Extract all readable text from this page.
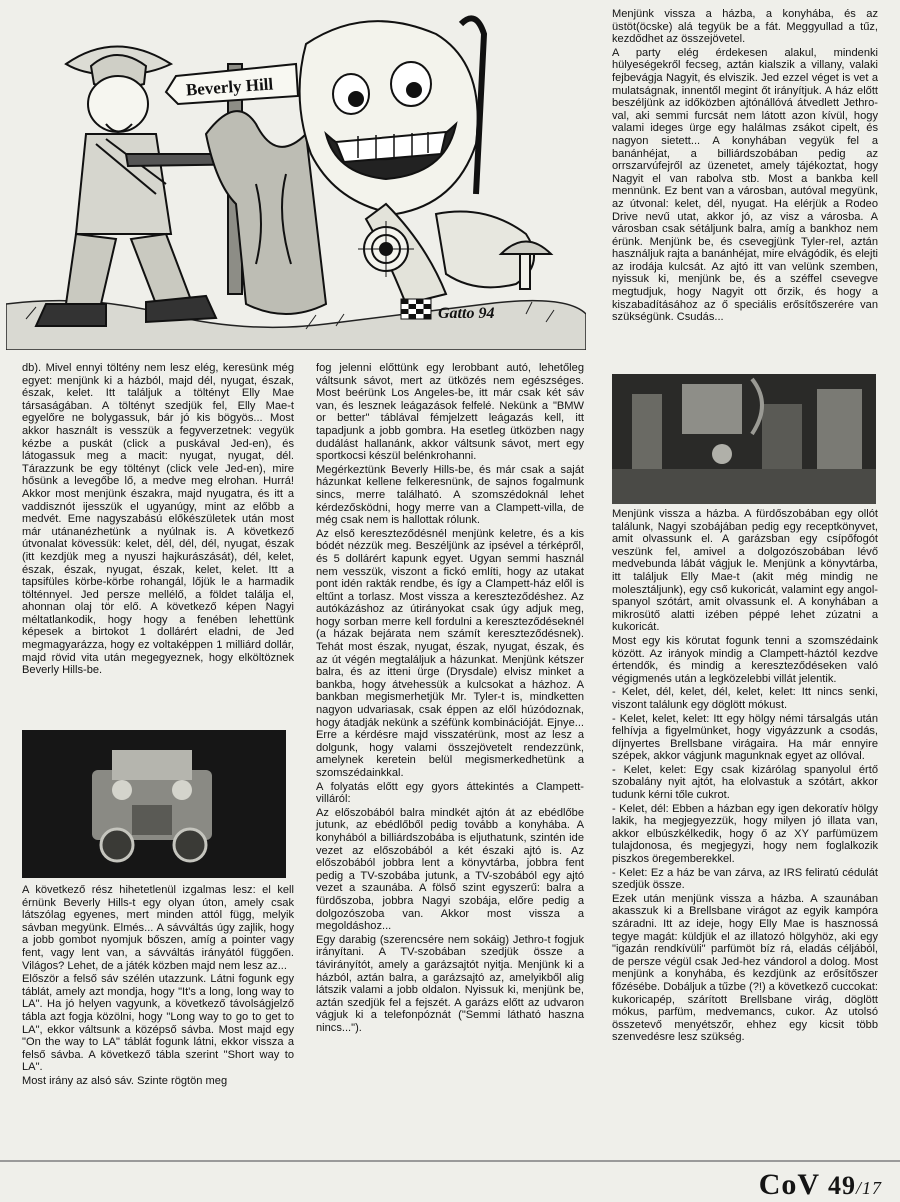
Beverly Hill
Gatto 94

db). Mivel ennyi töltény nem lesz elég, keresünk még egyet: menjünk ki a házból, majd dél, nyugat, észak, észak, kelet. Itt találjuk a töltényt Elly Mae társaságában. A töltényt szedjük fel, Elly Mae-t egyelőre ne bolygassuk, bár jó kis bögyös... Most akkor használt is vesszük a fegyverzetnek: vegyük kézbe a puskát (click a puskával Jed-en), és látogassuk meg a macit: nyugat, nyugat, dél. Tárazzunk be egy töltényt (click vele Jed-en), mire hősünk a levegőbe lő, a medve meg elrohan. Hurrá! Akkor most menjünk északra, majd nyugatra, és itt a vaddisznót ijesszük el ugyanúgy, mint az előbb a medvét. Eme nagyszabású előkészületek után most már utánanézhetünk a nyúlnak is. A következő útvonalat kövessük: kelet, dél, dél, dél, nyugat, észak (itt kezdjük meg a nyuszi hajkurászását), dél, kelet, észak, észak, nyugat, észak, kelet, kelet. Itt a tapsifüles körbe-körbe rohangál, lőjük le a harmadik tölténnyel. Jed persze mellélő, a földet találja el, ahonnan olaj tör elő. A következő képen Nagyi méltatlankodik, hogy hogy a fenében lehettünk képesek a birtokot 1 dollárért eladni, de Jed megmagyarázza, hogy ez voltaképpen 1 milliárd dollár, majd rövid vita után megegyeznek, hogy elköltöznek Beverly Hills-be.

A következő rész hihetetlenül izgalmas lesz: el kell érnünk Beverly Hills-t egy olyan úton, amely csak látszólag egyenes, mert minden attól függ, melyik sávban megyünk. Elmés... A sávváltás úgy zajlik, hogy a jobb gombot nyomjuk bőszen, amíg a pointer vagy fent, vagy lent van, a sávváltás irányától függően. Világos? Lehet, de a játék közben majd nem lesz az...

Először a felső sáv szélén utazzunk. Látni fogunk egy táblát, amely azt mondja, hogy "It's a long, long way to LA". Ha jó helyen vagyunk, a következő távolságjelző tábla azt fogja közölni, hogy "Long way to go to get to LA", ekkor váltsunk a középső sávba. Most majd egy "On the way to LA" táblát fogunk látni, ekkor vissza a felső sávba. A következő tábla szerint "Short way to LA".

Most irány az alsó sáv. Szinte rögtön meg

fog jelenni előttünk egy lerobbant autó, lehetőleg váltsunk sávot, mert az ütközés nem egészséges. Most beérünk Los Angeles-be, itt már csak két sáv van, és lesznek leágazások felfelé. Nekünk a "BMW or better" táblával fémjelzett leágazás kell, itt tapadjunk a jobb gombra. Ha esetleg ütközben nagy dudálást hallanánk, akkor váltsunk sávot, mert egy sportkocsi készül belénkrohanni.

Megérkeztünk Beverly Hills-be, és már csak a saját házunkat kellene felkeresnünk, de sajnos fogalmunk sincs, merre található. A szomszédoknál lehet kérdezősködni, hogy merre van a Clampett-villa, de még csak nem is hallottak rólunk.

Az első kereszteződésnél menjünk keletre, és a kis bódét nézzük meg. Beszéljünk az ipsével a térképről, és 5 dollárért kapunk egyet. Ugyan semmi használ nem vesszük, viszont a fickó említi, hogy az utakat pont idén rakták rendbe, és így a Clampett-ház elől is eltűnt a torlasz. Most vissza a kereszteződéshez. Az autókázáshoz az útirányokat csak úgy adjuk meg, hogy sorban merre kell fordulni a kereszteződéseknél (a házak bejárata nem számít kereszteződésnek). Tehát most észak, nyugat, észak, nyugat, észak, és az út végén megtaláljuk a házunkat. Menjünk kétszer balra, és az itteni ürge (Drysdale) elvisz minket a bankba, hogy átvehessük a kulcsokat a házhoz. A bankban megismerhetjük Mr. Tyler-t is, mindketten nagyon udvariasak, csak éppen az elől húzódoznak, hogy átadják nekünk a széfünk kombinációját. Ejnye... Erre a kérdésre majd visszatérünk, most az lesz a dolgunk, hogy valami összejövetelt rendezzünk, amelynek keretein belül megismerkedhetünk a szomszédainkkal.

A folyatás előtt egy gyors áttekintés a Clampett-villáról:

Az előszobából balra mindkét ajtón át az ebédlőbe jutunk, az ebédlőből pedig tovább a konyhába. A konyhából a billiárdszobába is eljuthatunk, szintén ide vezet az előszobából a két északi ajtó is. Az előszobából jobbra lent a könyvtárba, jobbra fent pedig a TV-szobába jutunk, a TV-szobából egy ajtó vezet a szaunába. A fölső szint egyszerű: balra a fürdőszoba, jobbra Nagyi szobája, előre pedig a dolgozószoba van. Akkor most vissza a megoldáshoz...

Egy darabig (szerencsére nem sokáig) Jethro-t fogjuk irányítani. A TV-szobában szedjük össze a távirányítót, amely a garázsajtót nyitja. Menjünk ki a házból, aztán balra, a garázsajtó az, amelyikből alig látszik valami a jobb oldalon. Nyissuk ki, menjünk be, aztán szedjük fel a fejszét. A garázs előtt az udvaron vágjuk ki a telefonpóznát ("Semmi látható haszna nincs...").

Menjünk vissza a házba, a konyhába, és az üstöt(öcske) alá tegyük be a fát. Meggyullad a tűz, kezdődhet az összejövetel.

A party elég érdekesen alakul, mindenki hülyeségekről fecseg, aztán kialszik a villany, valaki fejbevágja Nagyit, és elviszik. Jed ezzel véget is vet a mulatságnak, innentől megint őt irányítjuk. A ház előtt beszéljünk az időközben ajtónállóvá átvedlett Jethro-val, aki semmi furcsát nem látott azon kívül, hogy valami ideges ürge egy halálmas zsákot cipelt, és nagyon sietett... A konyhában vegyük fel a banánhéjat, a billiárdszobában pedig az orrszarvúfejről az üzenetet, amely tájékoztat, hogy Nagyit el van rabolva stb. Most a bankba kell mennünk. Ez bent van a városban, autóval megyünk, az útvonal: kelet, dél, nyugat. Ha elérjük a Rodeo Drive nevű utat, akkor jó, az visz a városba. A városban csak sétáljunk balra, amíg a bankhoz nem érünk. Menjünk be, és csevegjünk Tyler-rel, aztán használjuk rajta a banánhéjat, mire elvágódik, és elejti az irodája kulcsát. Az ajtó itt van velünk szemben, nyissuk ki, menjünk be, és a széffel csevegve megtudjuk, hogy Nagyit ott őrzik, és hogy a kiszabadításához az ő speciális erősítőszerére van szükségünk. Csudás...

Menjünk vissza a házba. A fürdőszobában egy ollót találunk, Nagyi szobájában pedig egy receptkönyvet, amit olvassunk el. A garázsban egy csípőfogót veszünk fel, amivel a dolgozószobában lévő medvebunda lábát vágjuk le. Menjünk a könyvtárba, itt találjuk Elly Mae-t (akit még mindig ne molesztáljunk), egy cső kukoricát, valamint egy angol-spanyol szótárt, amit olvassunk el. A konyhában a mikrosütő alatti izében péppé lehet zúzatni a kukoricát.

Most egy kis körutat fogunk tenni a szomszédaink között. Az irányok mindig a Clampett-háztól kezdve értendők, és mindig a kereszteződéseken való végigmenés után a legközelebbi villát jelentik.

- Kelet, dél, kelet, dél, kelet, kelet: Itt nincs senki, viszont találunk egy döglött mókust.

- Kelet, kelet, kelet: Itt egy hölgy némi társalgás után felhívja a figyelmünket, hogy vigyázzunk a csodás, díjnyertes Brellsbane virágaira. Ha már ennyire szépek, akkor vágjunk magunknak egyet az ollóval.

- Kelet, kelet: Egy csak kizárólag spanyolul értő szobalány nyit ajtót, ha elolvastuk a szótárt, akkor tudunk kérni tőle cukrot.

- Kelet, dél: Ebben a házban egy igen dekoratív hölgy lakik, ha megjegyezzük, hogy milyen jó illata van, akkor elbúszkélkedik, hogy ő az XY parfümüzem tulajdonosa, és megjegyzi, hogy nem foglalkozik piszkos öregemberekkel.

- Kelet: Ez a ház be van zárva, az IRS feliratú cédulát szedjük össze.

Ezek után menjünk vissza a házba. A szaunában akasszuk ki a Brellsbane virágot az egyik kampóra száradni. Itt az ideje, hogy Elly Mae is hasznossá tegye magát: küldjük el az illatozó hölgyhöz, aki egy "igazán rendkívüli" parfümöt bíz rá, eladás céljából, de persze végül csak Jed-hez vándorol a dolog. Most menjünk a konyhába, és kezdjünk az erősítőszer főzésébe. Dobáljuk a tűzbe (?!) a következő cuccokat: kukoricapép, szárított Brellsbane virág, döglött mókus, parfüm, medvemancs, cukor. Az utolsó összetevő menyétszőr, ehhez egy kicsit több szenvedésre lesz szükség.

CoV 49/17
